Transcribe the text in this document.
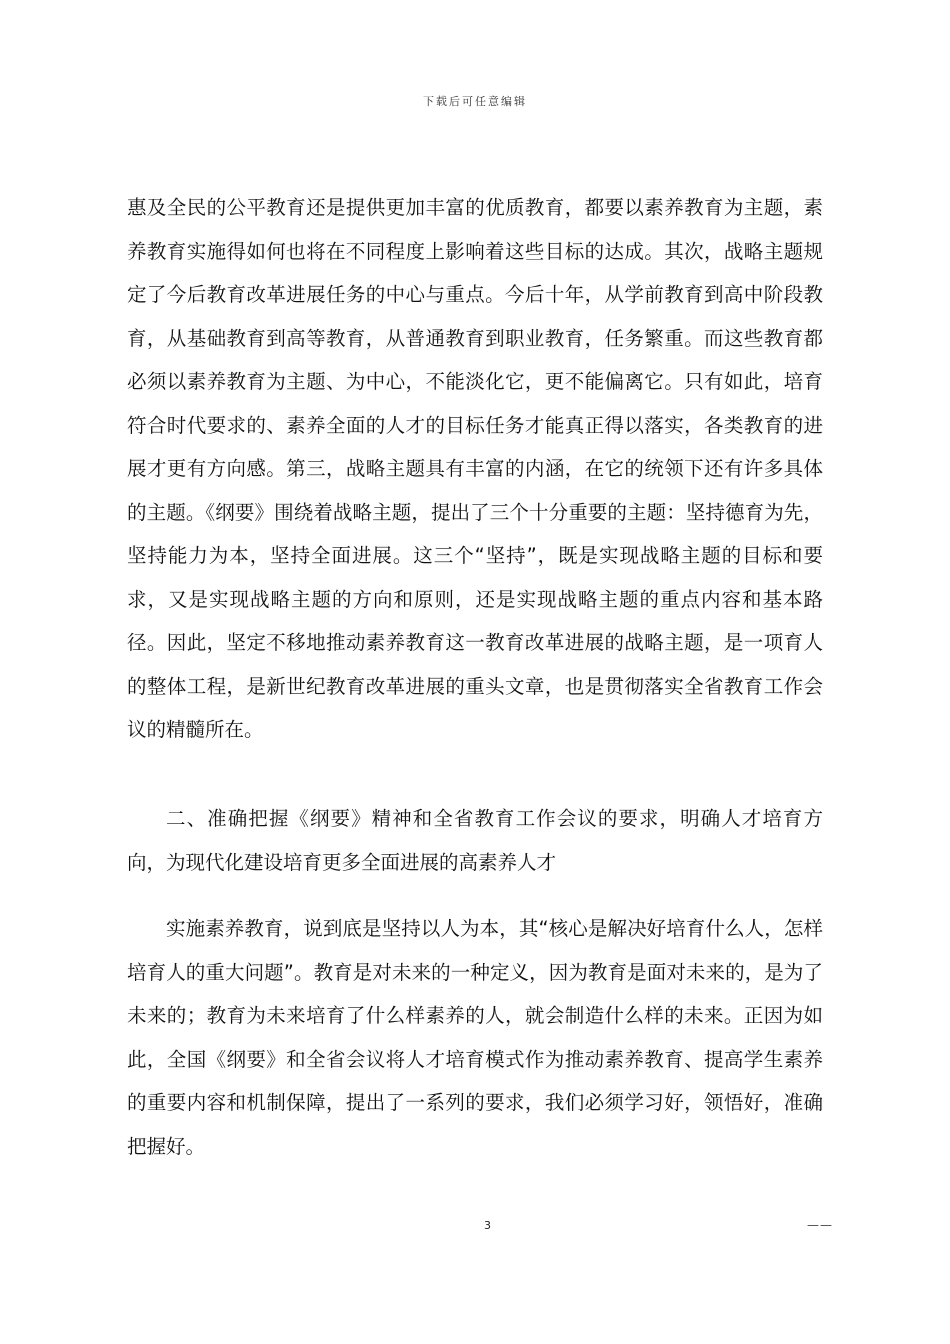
下载后可任意编辑

惠及全民的公平教育还是提供更加丰富的优质教育，都要以素养教育为主题，素养教育实施得如何也将在不同程度上影响着这些目标的达成。其次，战略主题规定了今后教育改革进展任务的中心与重点。今后十年，从学前教育到高中阶段教育，从基础教育到高等教育，从普通教育到职业教育，任务繁重。而这些教育都必须以素养教育为主题、为中心，不能淡化它，更不能偏离它。只有如此，培育符合时代要求的、素养全面的人才的目标任务才能真正得以落实，各类教育的进展才更有方向感。第三，战略主题具有丰富的内涵，在它的统领下还有许多具体的主题。《纲要》围绕着战略主题，提出了三个十分重要的主题：坚持德育为先，坚持能力为本，坚持全面进展。这三个“坚持”，既是实现战略主题的目标和要求，又是实现战略主题的方向和原则，还是实现战略主题的重点内容和基本路径。因此，坚定不移地推动素养教育这一教育改革进展的战略主题，是一项育人的整体工程，是新世纪教育改革进展的重头文章，也是贯彻落实全省教育工作会议的精髓所在。

二、准确把握《纲要》精神和全省教育工作会议的要求，明确人才培育方向，为现代化建设培育更多全面进展的高素养人才

实施素养教育，说到底是坚持以人为本，其“核心是解决好培育什么人，怎样培育人的重大问题”。教育是对未来的一种定义，因为教育是面对未来的，是为了未来的；教育为未来培育了什么样素养的人，就会制造什么样的未来。正因为如此，全国《纲要》和全省会议将人才培育模式作为推动素养教育、提高学生素养的重要内容和机制保障，提出了一系列的要求，我们必须学习好，领悟好，准确把握好。

3	——
